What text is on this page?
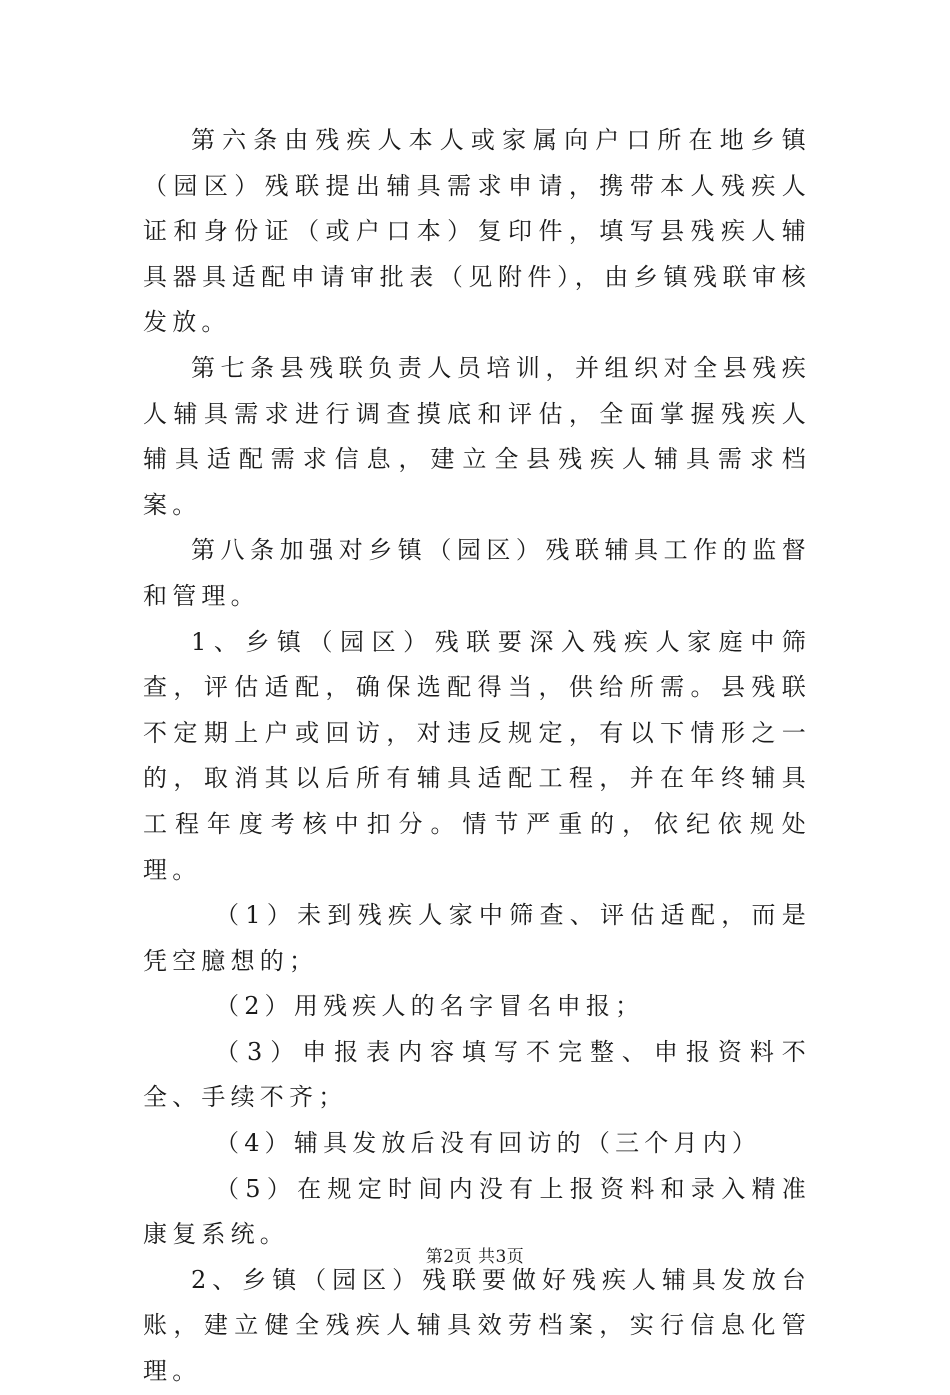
第六条由残疾人本人或家属向户口所在地乡镇（园区）残联提出辅具需求申请，携带本人残疾人证和身份证（或户口本）复印件，填写县残疾人辅具器具适配申请审批表（见附件），由乡镇残联审核发放。

第七条县残联负责人员培训，并组织对全县残疾人辅具需求进行调查摸底和评估，全面掌握残疾人辅具适配需求信息，建立全县残疾人辅具需求档案。

第八条加强对乡镇（园区）残联辅具工作的监督和管理。

1、乡镇（园区）残联要深入残疾人家庭中筛查，评估适配，确保选配得当，供给所需。县残联不定期上户或回访，对违反规定，有以下情形之一的，取消其以后所有辅具适配工程，并在年终辅具工程年度考核中扣分。情节严重的，依纪依规处理。

（1）未到残疾人家中筛查、评估适配，而是凭空臆想的；

（2）用残疾人的名字冒名申报；

（3）申报表内容填写不完整、申报资料不全、手续不齐；

（4）辅具发放后没有回访的（三个月内）

（5）在规定时间内没有上报资料和录入精准康复系统。

2、乡镇（园区）残联要做好残疾人辅具发放台账，建立健全残疾人辅具效劳档案，实行信息化管理。

第2页 共3页
